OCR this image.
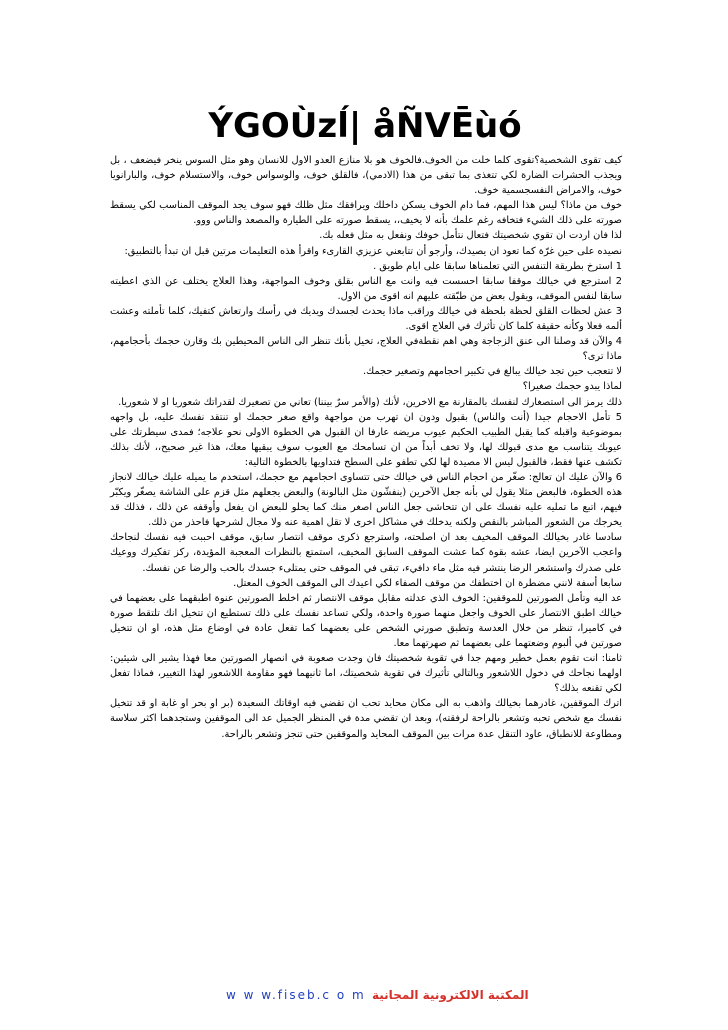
ÝGOÙzĺ| åÑVĒùó

كيف تقوى الشخصية؟تقوى كلما خلت من الخوف.فالخوف هو بلا منازع العدو الاول للانسان وهو مثل السوس ينخر فيضعف ، بل ويجذب الحشرات الضارة لكي تتغذى بما تبقى من هذا (الادمي)، فالقلق خوف، والوسواس خوف، والاستسلام خوف، والبارانويا خوف، والامراض النفسجسمية خوف.

خوف من ماذا؟ ليس هذا المهم، فما دام الخوف يسكن داخلك ويرافقك مثل ظلك فهو سوف يجد الموقف المناسب لكي يسقط صورته على ذلك الشيء فتخافه رغم علمك بأنه لا يخيف،، يسقط صورته على الطيارة والمصعد والناس ووو.

لذا فان اردت ان تقوي شخصيتك فتعال نتأمل خوفك ونفعل به مثل فعله بك.

نصيده على حين غرّة كما تعود ان يصيدك، وأرجو أن تتابعني عزيزي القارىء واقرأ هذه التعليمات مرتين قبل ان تبدأ بالتطبيق:

1 استرخ بطريقة التنفس التي تعلمناها سابقا على ايام طويق .

2 استرجع في خيالك موقفا سابقا احسست فيه وانت مع الناس بقلق وخوف المواجهة، وهذا العلاج يختلف عن الذي اعطيته سابقا لنفس الموقف، ويقول بعض من طبّقته عليهم انه اقوى من الاول.

3 عش لحظات القلق لحظة بلحظة في خيالك وراقب ماذا يحدث لجسدك ويديك في رأسك وارتعاش كتفيك، كلما تأملته وعشت ألمه فعلا وكأنه حقيقة كلما كان تأثرك في العلاج اقوى.

4 والآن قد وصلنا الى عنق الزجاجة وهي اهم نقطةفي العلاج، تخيل بأنك تنظر الى الناس المحيطين بك وقارن حجمك بأحجامهم، ماذا ترى؟

لا تتعجب حين تجد خيالك يبالغ في تكبير احجامهم وتصغير حجمك.

لماذا يبدو حجمك صغيرا؟

ذلك يرمز الى استصغارك لنفسك بالمقارنة مع الاخرين، لأنك (والأمر سرٌ بيننا) تعاني من تصغيرك لقدراتك شعوريا او لا شعوريا.

5 تأمل الاحجام جيدا (أنت والناس) بقبول ودون ان تهرب من مواجهة واقع صغر حجمك او تنتقد نفسك عليه، بل واجهه بموضوعية واقبله كما يقبل الطبيب الحكيم عيوب مريضه عارفا ان القبول هي الخطوة الاولى نحو علاجه؛ فمدى سيطرتك على عيوبك يتناسب مع مدى قبولك لها، ولا تخف أبداً من ان تسامحك مع العيوب سوف يبقيها معك، هذا غير صحيح،، لأنك بذلك تكشف عنها فقط، فالقبول ليس الا مصيدة لها لكي تطفو على السطح فتداويها بالخطوة التالية:

6 والآن عليك ان تعالج: صغّر من احجام الناس في خيالك حتى تتساوى احجامهم مع حجمك، استخدم ما يميله عليك خيالك لانجاز هذه الخطوة، فالبعض مثلا يقول لي بأنه جعل الآخرين (ينفشّون مثل البالونة) والبعض يجعلهم مثل قزم على الشاشة يصغّر ويكبّر فيهم، اتبع ما تمليه عليه نفسك على ان تتحاشى جعل الناس اصغر منك كما يحلو للبعض ان يفعل وأوقفه عن ذلك ، فذلك قد يخرجك من الشعور المباشر بالنقص ولكنه يدخلك في مشاكل اخرى لا تقل اهمية عنه ولا مجال لشرحها فاحذر من ذلك.

سادسا غادر بخيالك الموقف المخيف بعد ان اصلحته، واسترجع ذكرى موقف انتصار سابق، موقف احببت فيه نفسك لنجاحك واعجب الآخرين ايضا، عشه بقوة كما عشت الموقف السابق المخيف، استمتع بالنظرات المعجبة المؤيدة، ركز تفكيرك ووعيك على صدرك واستشعر الرضا ينتشر فيه مثل ماء دافيء، تبقى في الموقف حتى يمتلىء جسدك بالحب والرضا عن نفسك.

سابعا أسفة لانني مضطرة ان اختطفك من موقف الصفاء لكي اعيدك الى الموقف الخوف المعتل.

عد اليه وتأمل الصورتين للموقفين: الخوف الذي عدلته مقابل موقف الانتصار ثم اخلط الصورتين عنوة اطبقهما على بعضهما في خيالك اطبق الانتصار على الخوف واجعل منهما صورة واحدة، ولكي تساعد نفسك على ذلك تستطيع ان تتخيل انك تلتقط صورة في كاميرا، تنظر من خلال العدسة وتطبق صورتي الشخص على بعضهما كما تفعل عادة في اوضاع مثل هذه، او ان تتخيل صورتين في ألبوم وضعتهما على بعضهما ثم صهرتهما معا.

ثامنا: انت تقوم بعمل خطير ومهم جدا في تقوية شخصيتك فان وجدت صعوبة في انصهار الصورتين معا فهذا يشير الى شيئين: اولهما نجاحك في دخول اللاشعور وبالتالي تأثيرك في تقوية شخصيتك، اما ثانيهما فهو مقاومة اللاشعور لهذا التغيير، فماذا تفعل لكي تقنعه بذلك؟

اترك الموقفين، غادرهما بخيالك واذهب به الى مكان محايد تحب ان تقضي فيه اوقاتك السعيدة (بر او بحر او غابة او قد تتخيل نفسك مع شخص تحبه وتشعر بالراحة لرفقته)، وبعد ان تقضي مدة في المنظر الجميل عد الى الموقفين وستجدهما اكثر سلاسة ومطاوعة للانطباق، عاود التنقل عدة مرات بين الموقف المحايد والموقفين حتى تنجز وتشعر بالراحة.

w w w.fiseb.c o m المكتبة الالكترونية المجانية
